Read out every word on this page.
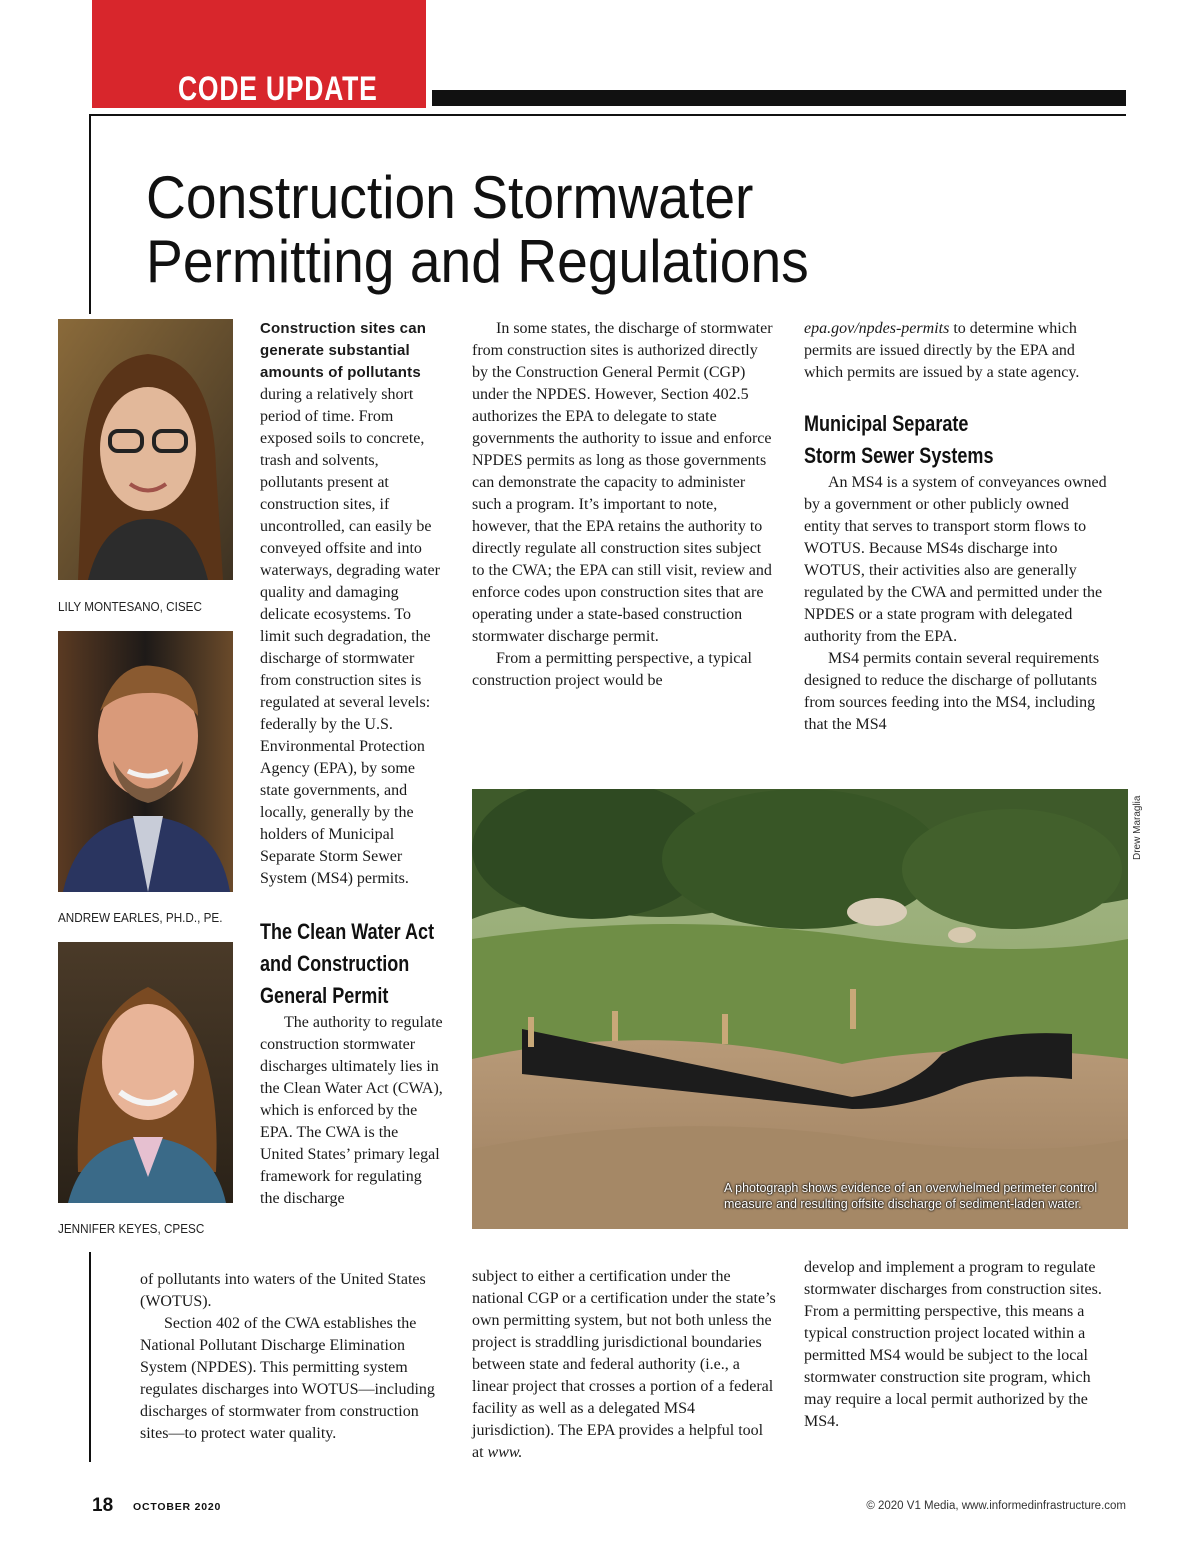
CODE UPDATE
Construction Stormwater
Permitting and Regulations
LILY MONTESANO, CISEC
ANDREW EARLES, PH.D., PE.
JENNIFER KEYES, CPESC

Construction sites can generate substantial amounts of pollutants

during a relatively short period of time. From exposed soils to concrete, trash and solvents, pollutants present at construction sites, if uncontrolled, can easily be conveyed offsite and into waterways, degrading water quality and damaging delicate ecosystems. To limit such degradation, the discharge of stormwater from construction sites is regulated at several levels: federally by the U.S. Environmental Protection Agency (EPA), by some state governments, and locally, generally by the holders of Municipal Separate Storm Sewer System (MS4) permits.

The Clean Water Act and Construction General Permit

The authority to regulate construction stormwater discharges ultimately lies in the Clean Water Act (CWA), which is enforced by the EPA. The CWA is the United States’ primary legal framework for regulating the discharge

of pollutants into waters of the United States (WOTUS).

Section 402 of the CWA establishes the National Pollutant Discharge Elimination System (NPDES). This permitting system regulates discharges into WOTUS—including discharges of stormwater from construction sites—to protect water quality.

In some states, the discharge of stormwater from construction sites is authorized directly by the Construction General Permit (CGP) under the NPDES. However, Section 402.5 authorizes the EPA to delegate to state governments the authority to issue and enforce NPDES permits as long as those governments can demonstrate the capacity to administer such a program. It’s important to note, however, that the EPA retains the authority to directly regulate all construction sites subject to the CWA; the EPA can still visit, review and enforce codes upon construction sites that are operating under a state-based construction stormwater discharge permit.

From a permitting perspective, a typical construction project would be

epa.gov/npdes-permits to determine which permits are issued directly by the EPA and which permits are issued by a state agency.

Municipal Separate Storm Sewer Systems

An MS4 is a system of conveyances owned by a government or other publicly owned entity that serves to transport storm flows to WOTUS. Because MS4s discharge into WOTUS, their activities also are generally regulated by the CWA and permitted under the NPDES or a state program with delegated authority from the EPA.

MS4 permits contain several requirements designed to reduce the discharge of pollutants from sources feeding into the MS4, including that the MS4

Drew Maraglia
A photograph shows evidence of an overwhelmed perimeter control measure and resulting offsite discharge of sediment-laden water.

subject to either a certification under the national CGP or a certification under the state’s own permitting system, but not both unless the project is straddling jurisdictional boundaries between state and federal authority (i.e., a linear project that crosses a portion of a federal facility as well as a delegated MS4 jurisdiction). The EPA provides a helpful tool at www.

develop and implement a program to regulate stormwater discharges from construction sites. From a permitting perspective, this means a typical construction project located within a permitted MS4 would be subject to the local stormwater construction site program, which may require a local permit authorized by the MS4.

18 OCTOBER 2020	© 2020 V1 Media, www.informedinfrastructure.com
